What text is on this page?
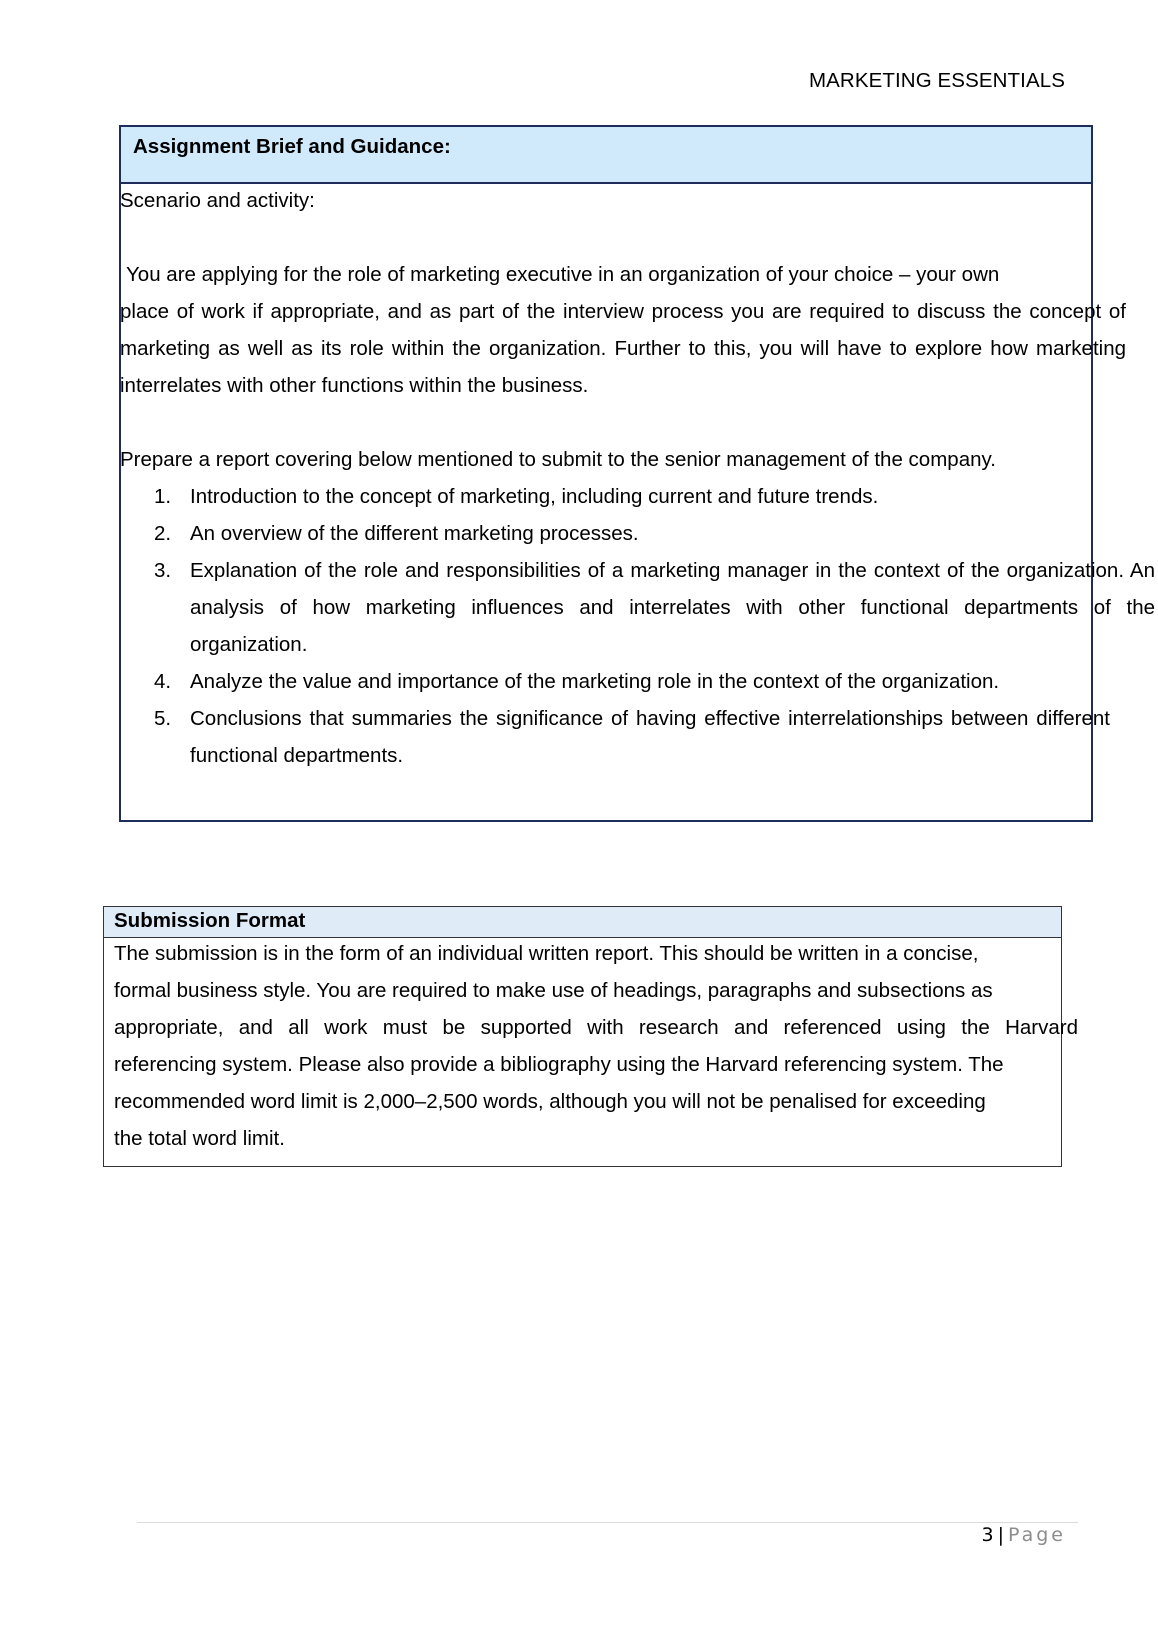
MARKETING ESSENTIALS
Assignment Brief and Guidance:

Scenario and activity:

You are applying for the role of marketing executive in an organization of your choice – your own
place of work if appropriate, and as part of the interview process you are required to discuss the concept of marketing as well as its role within the organization. Further to this, you will have to explore how marketing interrelates with other functions within the business.

Prepare a report covering below mentioned to submit to the senior management of the company.

1. Introduction to the concept of marketing, including current and future trends.
2. An overview of the different marketing processes.
3. Explanation of the role and responsibilities of a marketing manager in the context of the organization. An analysis of how marketing influences and interrelates with other functional departments of the organization.
4. Analyze the value and importance of the marketing role in the context of the organization.
5. Conclusions that summaries the significance of having effective interrelationships between different functional departments.
Submission Format
The submission is in the form of an individual written report. This should be written in a concise,
formal business style. You are required to make use of headings, paragraphs and subsections as
appropriate, and all work must be supported with research and referenced using the Harvard
referencing system. Please also provide a bibliography using the Harvard referencing system. The
recommended word limit is 2,000–2,500 words, although you will not be penalised for exceeding
the total word limit.
3 | Page
